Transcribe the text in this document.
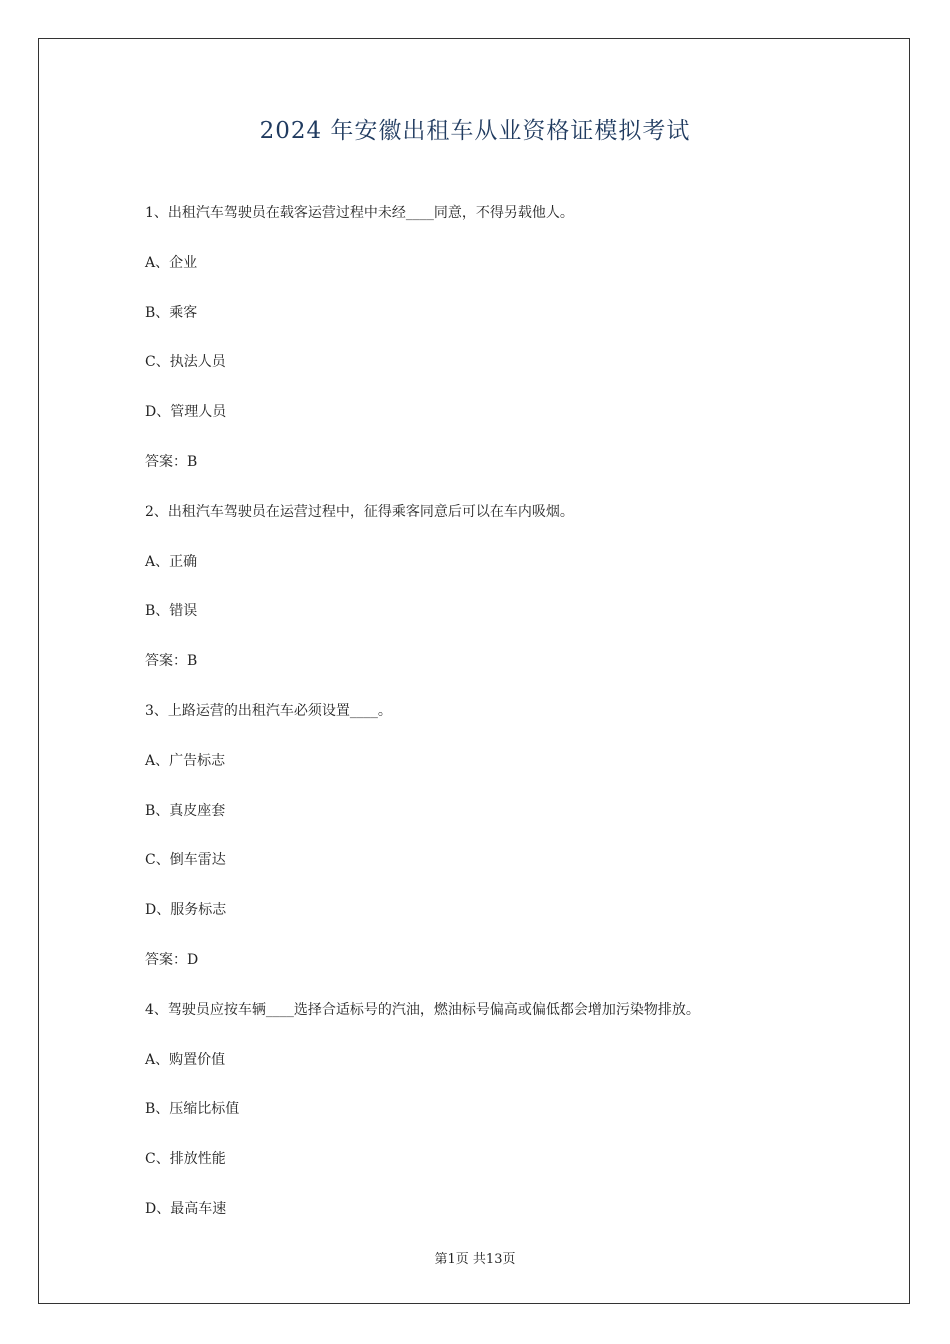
2024 年安徽出租车从业资格证模拟考试
1、出租汽车驾驶员在载客运营过程中未经____同意，不得另载他人。
A、企业
B、乘客
C、执法人员
D、管理人员
答案：B
2、出租汽车驾驶员在运营过程中，征得乘客同意后可以在车内吸烟。
A、正确
B、错误
答案：B
3、上路运营的出租汽车必须设置____。
A、广告标志
B、真皮座套
C、倒车雷达
D、服务标志
答案：D
4、驾驶员应按车辆____选择合适标号的汽油，燃油标号偏高或偏低都会增加污染物排放。
A、购置价值
B、压缩比标值
C、排放性能
D、最高车速
第1页 共13页
